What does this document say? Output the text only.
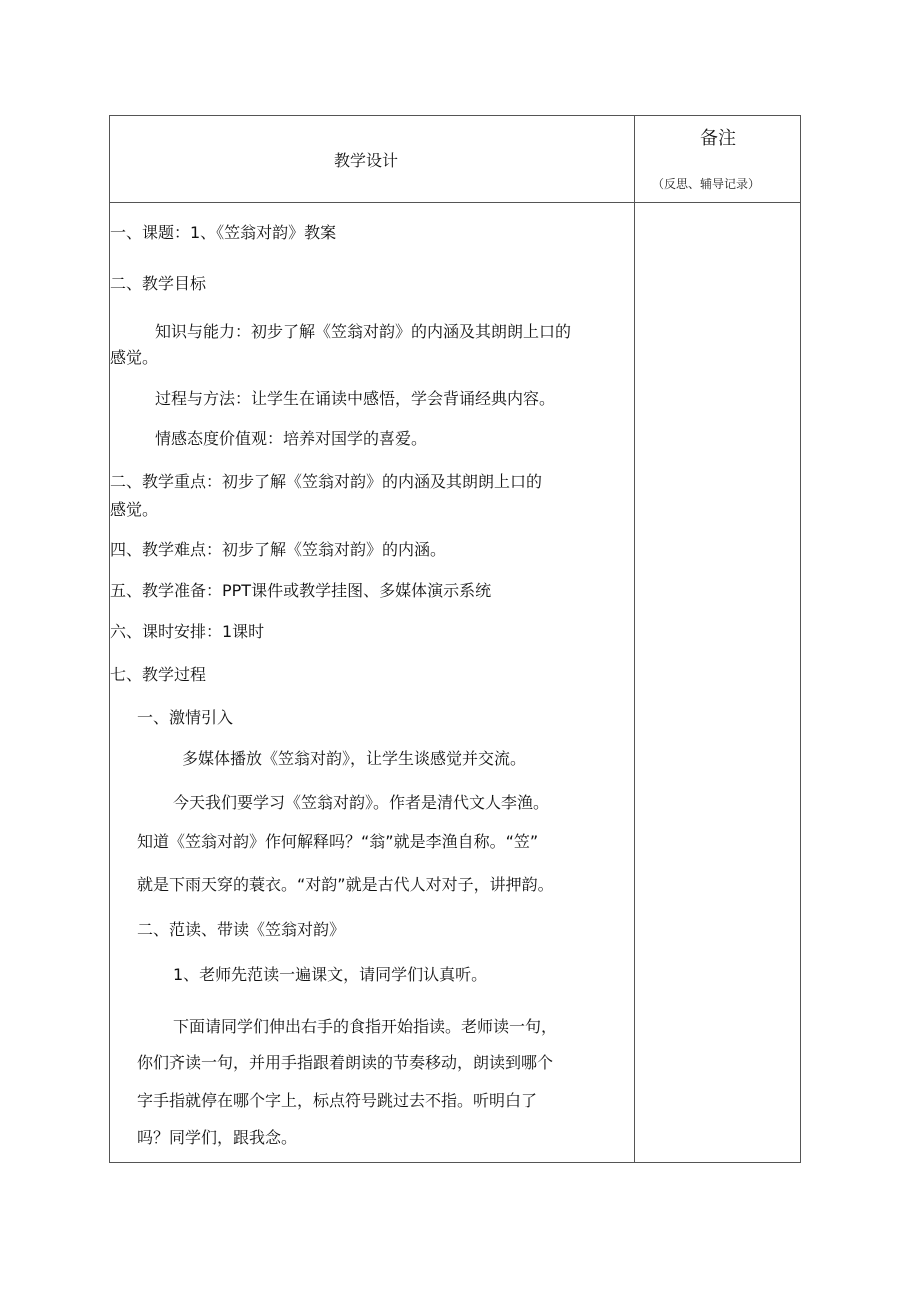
教学设计
备注
（反思、辅导记录）
一、课题：1、《笠翁对韵》教案
二、教学目标
知识与能力：初步了解《笠翁对韵》的内涵及其朗朗上口的
感觉。
过程与方法：让学生在诵读中感悟，学会背诵经典内容。
情感态度价值观：培养对国学的喜爱。
二、教学重点：初步了解《笠翁对韵》的内涵及其朗朗上口的
感觉。
四、教学难点：初步了解《笠翁对韵》的内涵。
五、教学准备：PPT课件或教学挂图、多媒体演示系统
六、课时安排：1课时
七、教学过程
一、激情引入
多媒体播放《笠翁对韵》，让学生谈感觉并交流。
今天我们要学习《笠翁对韵》。作者是清代文人李渔。
知道《笠翁对韵》作何解释吗？“翁”就是李渔自称。“笠”
就是下雨天穿的蓑衣。“对韵”就是古代人对对子，讲押韵。
二、范读、带读《笠翁对韵》
1、老师先范读一遍课文，请同学们认真听。
下面请同学们伸出右手的食指开始指读。老师读一句，
你们齐读一句，并用手指跟着朗读的节奏移动，朗读到哪个
字手指就停在哪个字上，标点符号跳过去不指。听明白了
吗？同学们，跟我念。
